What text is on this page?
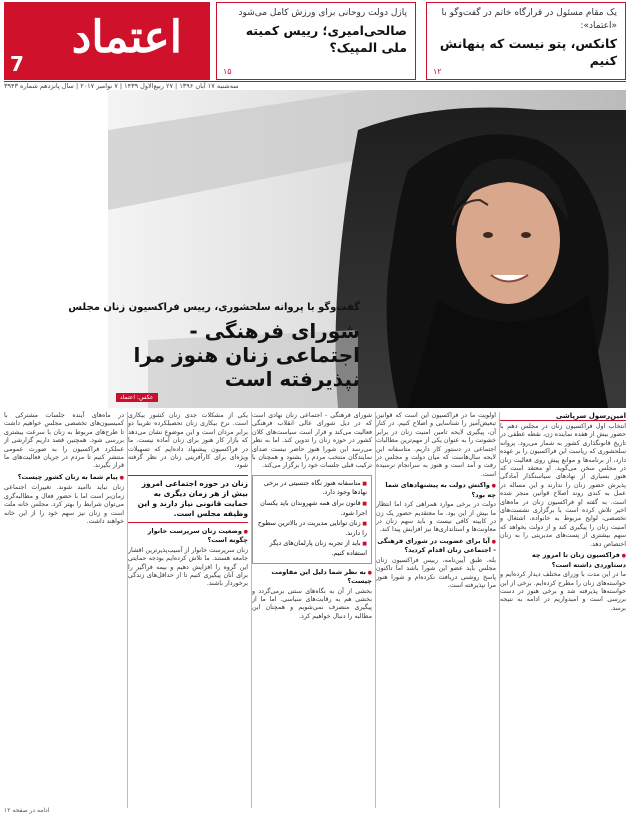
یک مقام مسئول در قرارگاه خاتم در گفت‌وگو با «اعتماد»:
کانکس، پتو نیست که پنهانش کنیم
۱۲
پازل دولت روحانی برای ورزش کامل می‌شود
صالحی‌امیری؛ رییس کمیته ملی المپیک؟
۱۵
اعتماد
7
سه‌شنبه ۱۷ آبان ۱۳۹۶ | ۲۷ ربیع‌الاول ۱۴۳۹ | ۷ نوامبر ۲۰۱۷ | سال پانزدهم شماره ۳۹۴۳
گفت‌وگو با پروانه سلحشوری، رییس فراکسیون زنان مجلس
شورای فرهنگی - اجتماعی زنان هنوز مرا نپذیرفته است
عکس: اعتماد
امین‌رسول سرپاشی
انتخاب اول فراکسیون زنان در مجلس دهم با حضور بیش از هفده نماینده زن، نقطه عطفی در تاریخ قانونگذاری کشور به شمار می‌رود. پروانه سلحشوری که ریاست این فراکسیون را بر عهده دارد، از برنامه‌ها و موانع پیش روی فعالیت زنان در مجلس سخن می‌گوید. او معتقد است که هنوز بسیاری از نهادهای سیاستگذار آمادگی پذیرش حضور زنان را ندارند و این مساله در عمل به کندی روند اصلاح قوانین منجر شده است. به گفته او فراکسیون زنان در ماه‌های اخیر تلاش کرده است با برگزاری نشست‌های تخصصی، لوایح مربوط به خانواده، اشتغال و امنیت زنان را پیگیری کند و از دولت بخواهد که سهم بیشتری از پست‌های مدیریتی را به زنان اختصاص دهد.
● فراکسیون زنان تا امروز چه دستاوردی داشته است؟
ما در این مدت با وزرای مختلف دیدار کرده‌ایم و خواسته‌های زنان را مطرح کرده‌ایم. برخی از این خواسته‌ها پذیرفته شد و برخی هنوز در دست بررسی است و امیدواریم در ادامه به نتیجه برسد.
اولویت ما در فراکسیون این است که قوانین تبعیض‌آمیز را شناسایی و اصلاح کنیم. در کنار آن، پیگیری لایحه تامین امنیت زنان در برابر خشونت را به عنوان یکی از مهم‌ترین مطالبات اجتماعی در دستور کار داریم. متاسفانه این لایحه سال‌هاست که میان دولت و مجلس در رفت و آمد است و هنوز به سرانجام نرسیده است.
● واکنش دولت به پیشنهادهای شما چه بود؟
دولت در برخی موارد همراهی کرد اما انتظار ما بیش از این بود. ما معتقدیم حضور یک زن در کابینه کافی نیست و باید سهم زنان در معاونت‌ها و استانداری‌ها نیز افزایش پیدا کند.
● آیا برای عضویت در شورای فرهنگی - اجتماعی زنان اقدام کردید؟
بله، طبق آیین‌نامه، رییس فراکسیون زنان مجلس باید عضو این شورا باشد اما تاکنون پاسخ روشنی دریافت نکرده‌ام و شورا هنوز مرا نپذیرفته است.
شورای فرهنگی - اجتماعی زنان نهادی است که در ذیل شورای عالی انقلاب فرهنگی فعالیت می‌کند و قرار است سیاست‌های کلان کشور در حوزه زنان را تدوین کند. اما به نظر می‌رسد این شورا هنوز حاضر نیست صدای نمایندگان منتخب مردم را بشنود و همچنان با ترکیب قبلی جلسات خود را برگزار می‌کند.

■ متاسفانه هنوز نگاه جنسیتی در برخی نهادها وجود دارد.

■ قانون برای همه شهروندان باید یکسان اجرا شود.

■ زنان توانایی مدیریت در بالاترین سطوح را دارند.

■ باید از تجربه زنان پارلمان‌های دیگر استفاده کنیم.

● به نظر شما دلیل این مقاومت چیست؟
بخشی از آن به نگاه‌های سنتی برمی‌گردد و بخشی هم به رقابت‌های سیاسی. اما ما از پیگیری منصرف نمی‌شویم و همچنان این مطالبه را دنبال خواهیم کرد.
یکی از مشکلات جدی زنان کشور بیکاری است. نرخ بیکاری زنان تحصیلکرده تقریبا دو برابر مردان است و این موضوع نشان می‌دهد که بازار کار هنوز برای زنان آماده نیست. ما در فراکسیون پیشنهاد داده‌ایم که تسهیلات ویژه‌ای برای کارآفرینی زنان در نظر گرفته شود.

زنان در حوزه اجتماعی امروز بیش از هر زمان دیگری به حمایت قانونی نیاز دارند و این وظیفه مجلس است.

● وضعیت زنان سرپرست خانوار چگونه است؟
زنان سرپرست خانوار از آسیب‌پذیرترین اقشار جامعه هستند. ما تلاش کرده‌ایم بودجه حمایتی این گروه را افزایش دهیم و بیمه فراگیر را برای آنان پیگیری کنیم تا از حداقل‌های زندگی برخوردار باشند.
در ماه‌های آینده جلسات مشترکی با کمیسیون‌های تخصصی مجلس خواهیم داشت تا طرح‌های مربوط به زنان با سرعت بیشتری بررسی شود. همچنین قصد داریم گزارشی از عملکرد فراکسیون را به صورت عمومی منتشر کنیم تا مردم در جریان فعالیت‌های ما قرار بگیرند.
● پیام شما به زنان کشور چیست؟
زنان نباید ناامید شوند. تغییرات اجتماعی زمان‌بر است اما با حضور فعال و مطالبه‌گری می‌توان شرایط را بهتر کرد. مجلس خانه ملت است و زنان نیز سهم خود را از این خانه خواهند داشت.
ادامه در صفحه ۱۲
